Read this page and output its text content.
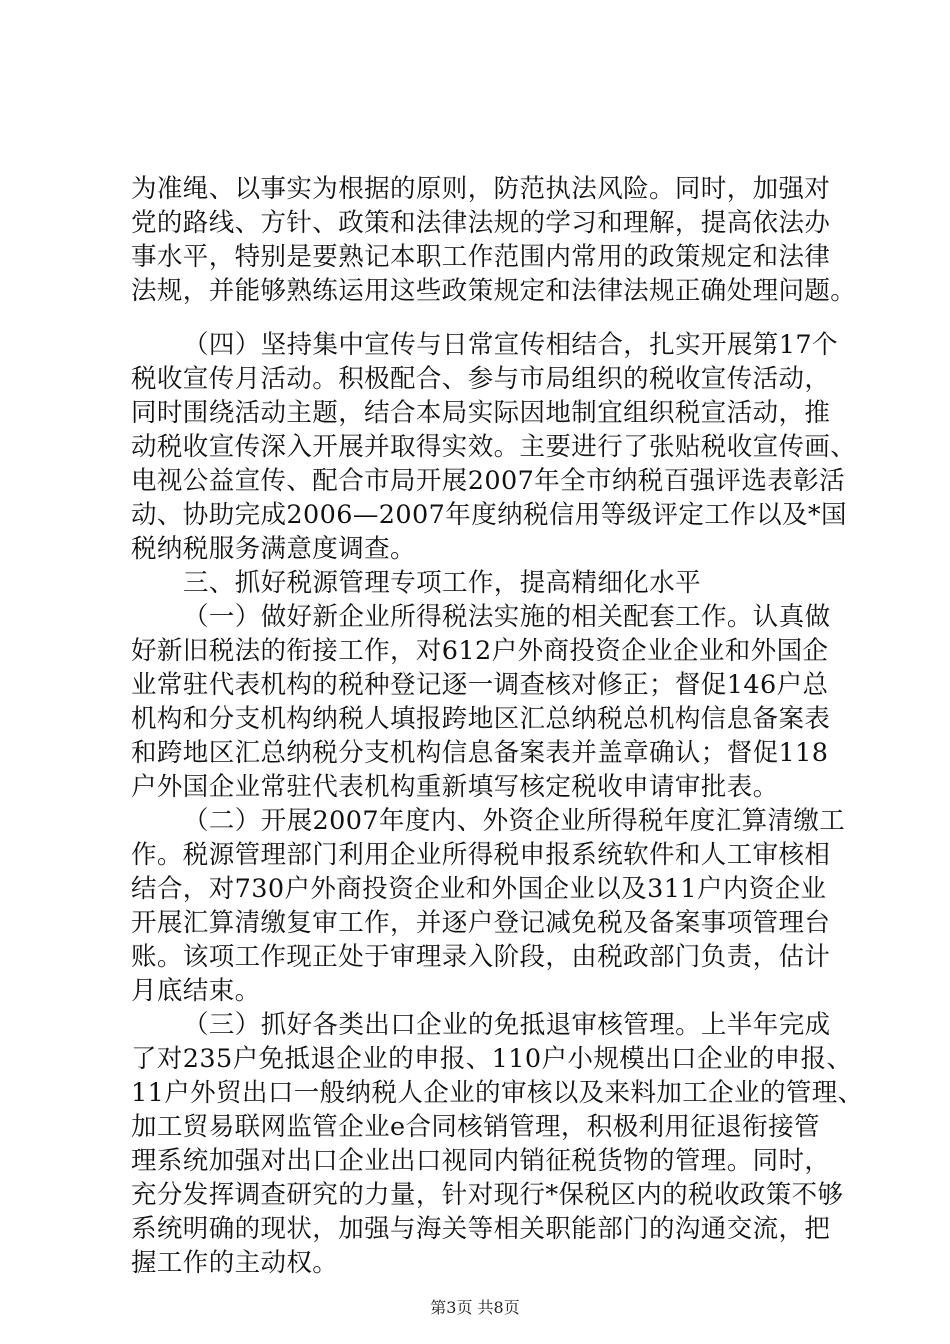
为准绳、以事实为根据的原则，防范执法风险。同时，加强对
党的路线、方针、政策和法律法规的学习和理解，提高依法办
事水平，特别是要熟记本职工作范围内常用的政策规定和法律
法规，并能够熟练运用这些政策规定和法律法规正确处理问题。
（四）坚持集中宣传与日常宣传相结合，扎实开展第17个
税收宣传月活动。积极配合、参与市局组织的税收宣传活动，
同时围绕活动主题，结合本局实际因地制宜组织税宣活动，推
动税收宣传深入开展并取得实效。主要进行了张贴税收宣传画、
电视公益宣传、配合市局开展2007年全市纳税百强评选表彰活
动、协助完成2006—2007年度纳税信用等级评定工作以及*国
税纳税服务满意度调查。
三、抓好税源管理专项工作，提高精细化水平
（一）做好新企业所得税法实施的相关配套工作。认真做
好新旧税法的衔接工作，对612户外商投资企业企业和外国企
业常驻代表机构的税种登记逐一调查核对修正；督促146户总
机构和分支机构纳税人填报跨地区汇总纳税总机构信息备案表
和跨地区汇总纳税分支机构信息备案表并盖章确认；督促118
户外国企业常驻代表机构重新填写核定税收申请审批表。
（二）开展2007年度内、外资企业所得税年度汇算清缴工
作。税源管理部门利用企业所得税申报系统软件和人工审核相
结合，对730户外商投资企业和外国企业以及311户内资企业
开展汇算清缴复审工作，并逐户登记减免税及备案事项管理台
账。该项工作现正处于审理录入阶段，由税政部门负责，估计
月底结束。
（三）抓好各类出口企业的免抵退审核管理。上半年完成
了对235户免抵退企业的申报、110户小规模出口企业的申报、
11户外贸出口一般纳税人企业的审核以及来料加工企业的管理、
加工贸易联网监管企业e合同核销管理，积极利用征退衔接管
理系统加强对出口企业出口视同内销征税货物的管理。同时，
充分发挥调查研究的力量，针对现行*保税区内的税收政策不够
系统明确的现状，加强与海关等相关职能部门的沟通交流，把
握工作的主动权。
第3页 共8页
